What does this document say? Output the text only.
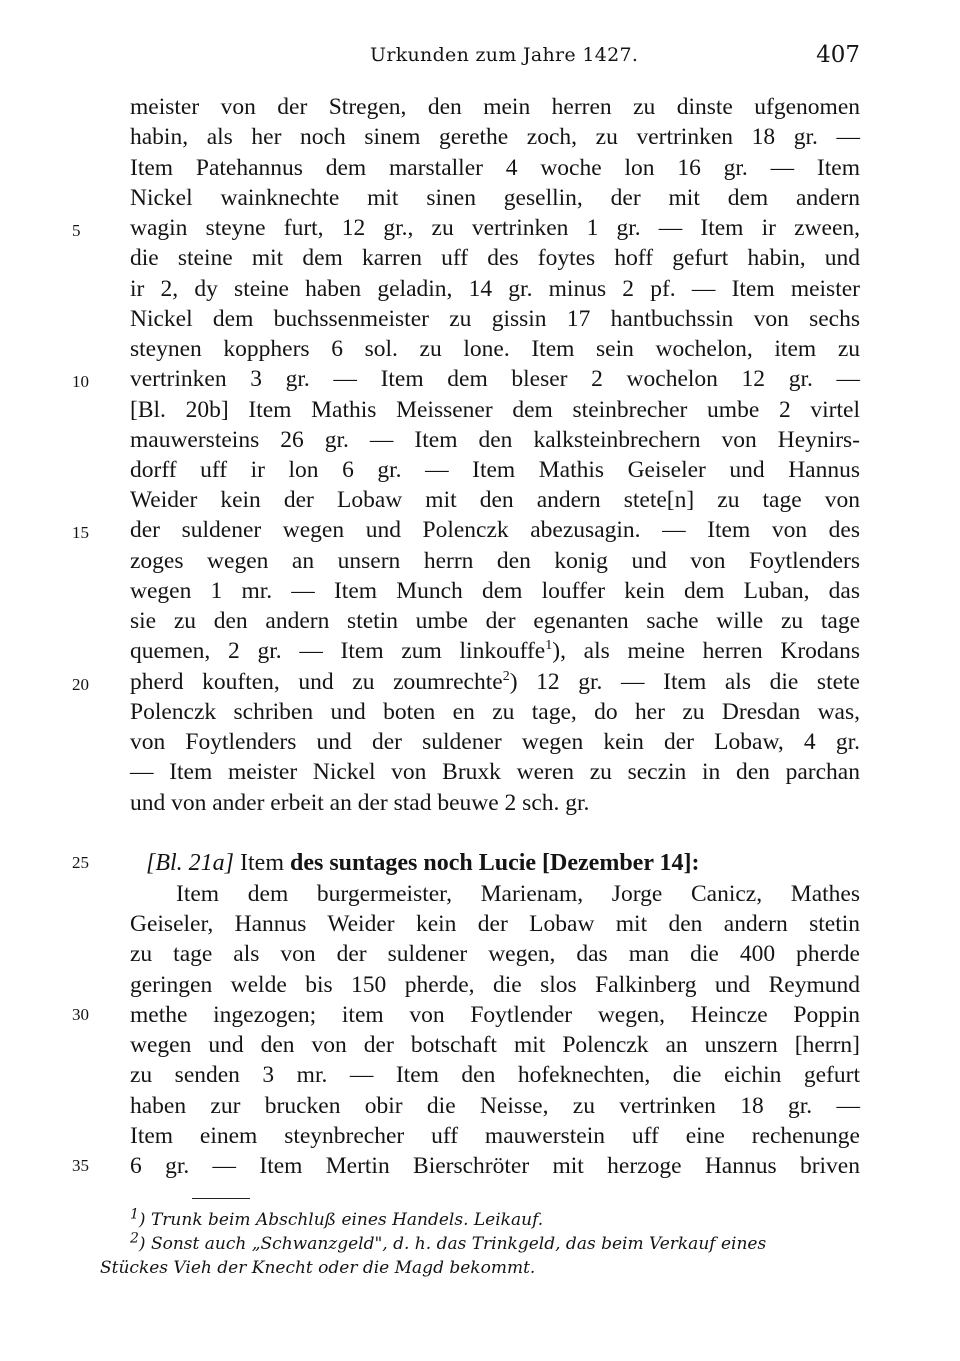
Urkunden zum Jahre 1427.	407
5
10
15
20
25
30
35
meister von der Stregen, den mein herren zu dinste ufgenomen
habin, als her noch sinem gerethe zoch, zu vertrinken 18 gr. —
Item Patehannus dem marstaller 4 woche lon 16 gr. — Item
Nickel wainknechte mit sinen gesellin, der mit dem andern
wagin steyne furt, 12 gr., zu vertrinken 1 gr. — Item ir zween,
die steine mit dem karren uff des foytes hoff gefurt habin, und
ir 2, dy steine haben geladin, 14 gr. minus 2 pf. — Item meister
Nickel dem buchssenmeister zu gissin 17 hantbuchssin von sechs
steynen kopphers 6 sol. zu lone. Item sein wochelon, item zu
vertrinken 3 gr. — Item dem bleser 2 wochelon 12 gr. —
[Bl. 20b] Item Mathis Meissener dem steinbrecher umbe 2 virtel
mauwersteins 26 gr. — Item den kalksteinbrechern von Heynirs-
dorff uff ir lon 6 gr. — Item Mathis Geiseler und Hannus
Weider kein der Lobaw mit den andern stete[n] zu tage von
der suldener wegen und Polenczk abezusagin. — Item von des
zoges wegen an unsern herrn den konig und von Foytlenders
wegen 1 mr. — Item Munch dem louffer kein dem Luban, das
sie zu den andern stetin umbe der egenanten sache wille zu tage
quemen, 2 gr. — Item zum linkouffe$^1$), als meine herren Krodans
pherd kouften, und zu zoumrechte$^2$) 12 gr. — Item als die stete
Polenczk schriben und boten en zu tage, do her zu Dresdan was,
von Foytlenders und der suldener wegen kein der Lobaw, 4 gr.
— Item meister Nickel von Bruxk weren zu seczin in den parchan
und von ander erbeit an der stad beuwe 2 sch. gr.
[Bl. 21a] Item des suntages noch Lucie [Dezember 14]:
Item dem burgermeister, Marienam, Jorge Canicz, Mathes
Geiseler, Hannus Weider kein der Lobaw mit den andern stetin
zu tage als von der suldener wegen, das man die 400 pherde
geringen welde bis 150 pherde, die slos Falkinberg und Reymund
methe ingezogen; item von Foytlender wegen, Heincze Poppin
wegen und den von der botschaft mit Polenczk an unszern [herrn]
zu senden 3 mr. — Item den hofeknechten, die eichin gefurt
haben zur brucken obir die Neisse, zu vertrinken 18 gr. —
Item einem steynbrecher uff mauwerstein uff eine rechenunge
6 gr. — Item Mertin Bierschröter mit herzoge Hannus briven
$^1$) Trunk beim Abschluß eines Handels. Leikauf.
$^2$) Sonst auch „Schwanzgeld", d. h. das Trinkgeld, das beim Verkauf eines
Stückes Vieh der Knecht oder die Magd bekommt.
